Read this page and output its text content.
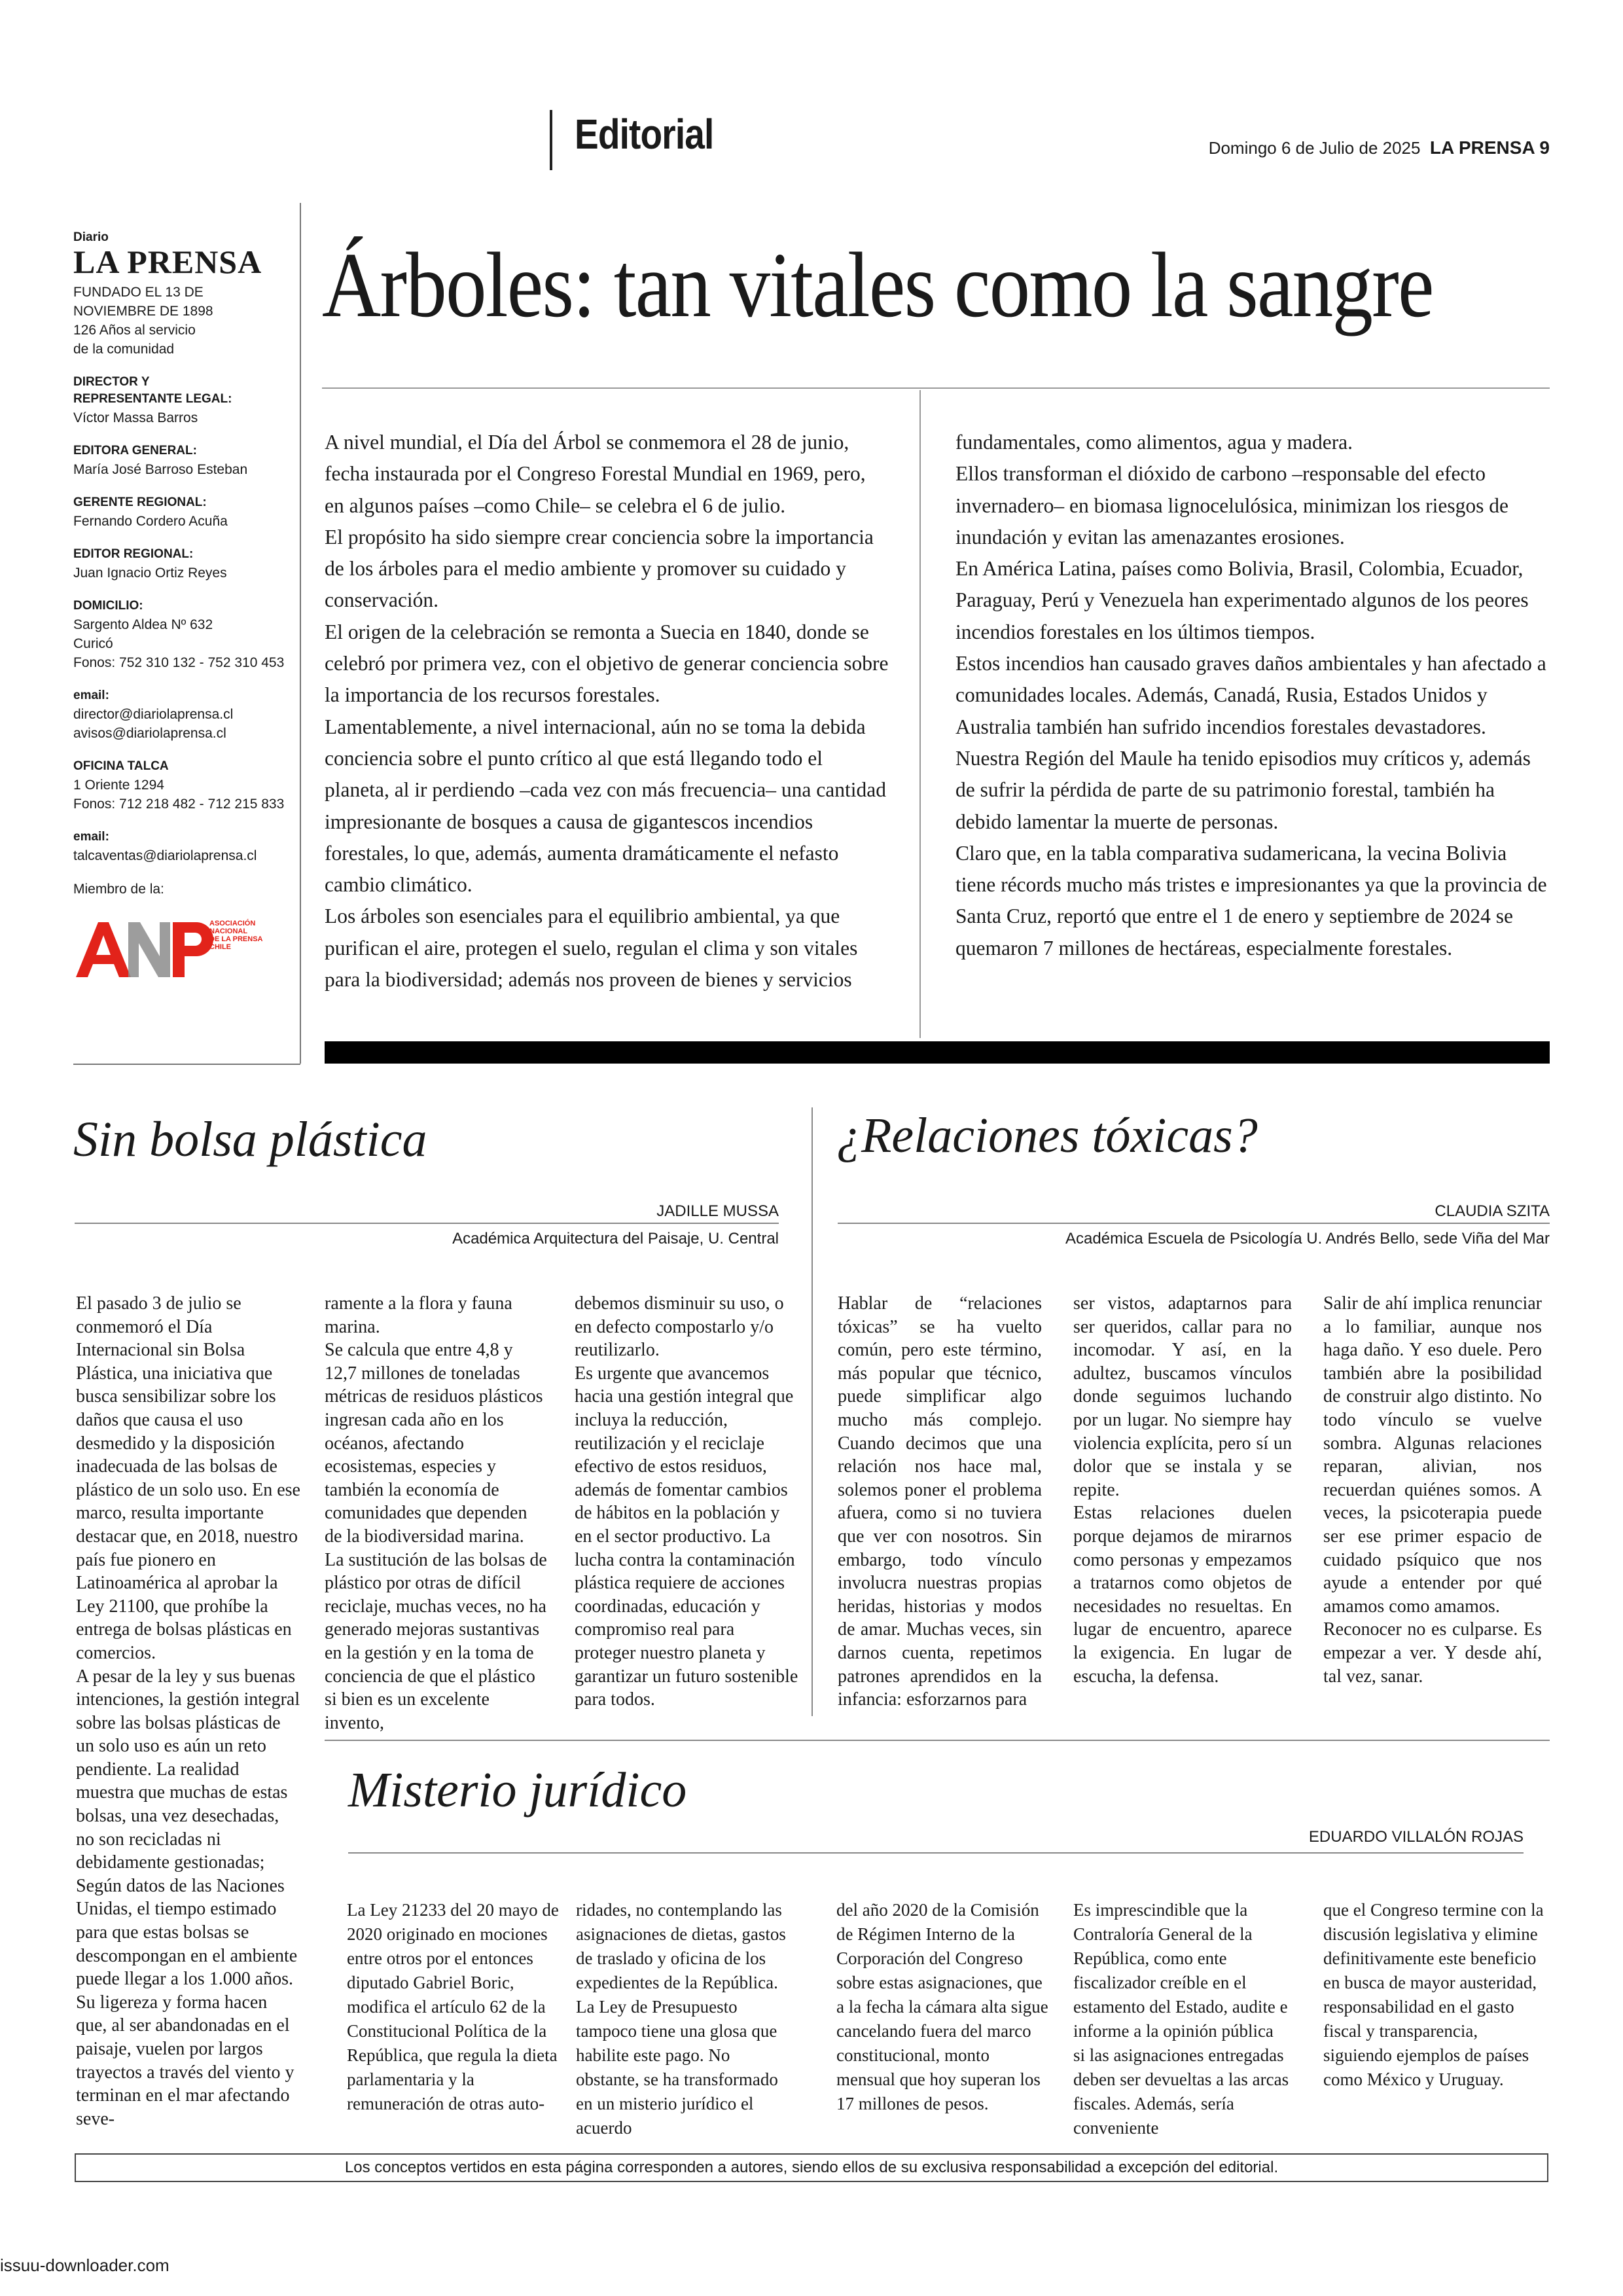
Editorial	Domingo 6 de Julio de 2025 LA PRENSA 9
Diario
LA PRENSA
FUNDADO EL 13 DE
NOVIEMBRE DE 1898
126 Años al servicio
de la comunidad
DIRECTOR Y
REPRESENTANTE LEGAL:
Víctor Massa Barros
EDITORA GENERAL:
María José Barroso Esteban
GERENTE REGIONAL:
Fernando Cordero Acuña
EDITOR REGIONAL:
Juan Ignacio Ortiz Reyes
DOMICILIO:
Sargento Aldea Nº 632
Curicó
Fonos: 752 310 132 - 752 310 453
email:
director@diariolaprensa.cl
avisos@diariolaprensa.cl
OFICINA TALCA
1 Oriente 1294
Fonos: 712 218 482 - 712 215 833
email:
talcaventas@diariolaprensa.cl
Miembro de la:
ASOCIACIÓN
NACIONAL
DE LA PRENSA
CHILE
Árboles: tan vitales como la sangre

A nivel mundial, el Día del Árbol se conmemora el 28 de junio, fecha instaurada por el Congreso Forestal Mundial en 1969, pero, en algunos países –como Chile– se celebra el 6 de julio.

El propósito ha sido siempre crear conciencia sobre la importancia de los árboles para el medio ambiente y promover su cuidado y conservación.

El origen de la celebración se remonta a Suecia en 1840, donde se celebró por primera vez, con el objetivo de generar conciencia sobre la importancia de los recursos forestales.

Lamentablemente, a nivel internacional, aún no se toma la debida conciencia sobre el punto crítico al que está llegando todo el planeta, al ir perdiendo –cada vez con más frecuencia– una cantidad impresionante de bosques a causa de gigantescos incendios forestales, lo que, además, aumenta dramáticamente el nefasto cambio climático.

Los árboles son esenciales para el equilibrio ambiental, ya que purifican el aire, protegen el suelo, regulan el clima y son vitales para la biodiversidad; además nos proveen de bienes y servicios

fundamentales, como alimentos, agua y madera.

Ellos transforman el dióxido de carbono –responsable del efecto invernadero– en biomasa lignocelulósica, minimizan los riesgos de inundación y evitan las amenazantes erosiones.

En América Latina, países como Bolivia, Brasil, Colombia, Ecuador, Paraguay, Perú y Venezuela han experimentado algunos de los peores incendios forestales en los últimos tiempos.

Estos incendios han causado graves daños ambientales y han afectado a comunidades locales. Además, Canadá, Rusia, Estados Unidos y Australia también han sufrido incendios forestales devastadores.

Nuestra Región del Maule ha tenido episodios muy críticos y, además de sufrir la pérdida de parte de su patrimonio forestal, también ha debido lamentar la muerte de personas.

Claro que, en la tabla comparativa sudamericana, la vecina Bolivia tiene récords mucho más tristes e impresionantes ya que la provincia de Santa Cruz, reportó que entre el 1 de enero y septiembre de 2024 se quemaron 7 millones de hectáreas, especialmente forestales.

Sin bolsa plástica
JADILLE MUSSA
Académica Arquitectura del Paisaje, U. Central
El pasado 3 de julio se conmemoró el Día Internacional sin Bolsa Plástica, una iniciativa que busca sensibilizar sobre los daños que causa el uso desmedido y la disposición inadecuada de las bolsas de plástico de un solo uso. En ese marco, resulta importante destacar que, en 2018, nuestro país fue pionero en Latinoamérica al aprobar la Ley 21100, que prohíbe la entrega de bolsas plásticas en comercios.
A pesar de la ley y sus buenas intenciones, la gestión integral sobre las bolsas plásticas de un solo uso es aún un reto pendiente. La realidad muestra que muchas de estas bolsas, una vez desechadas, no son recicladas ni debidamente gestionadas; Según datos de las Naciones Unidas, el tiempo estimado para que estas bolsas se descompongan en el ambiente puede llegar a los 1.000 años. Su ligereza y forma hacen que, al ser abandonadas en el paisaje, vuelen por largos trayectos a través del viento y terminan en el mar afectando seve-
ramente a la flora y fauna marina.
Se calcula que entre 4,8 y 12,7 millones de toneladas métricas de residuos plásticos ingresan cada año en los océanos, afectando ecosistemas, especies y también la economía de comunidades que dependen de la biodiversidad marina. La sustitución de las bolsas de plástico por otras de difícil reciclaje, muchas veces, no ha generado mejoras sustantivas en la gestión y en la toma de conciencia de que el plástico si bien es un excelente invento,
debemos disminuir su uso, o en defecto compostarlo y/o reutilizarlo.
Es urgente que avancemos hacia una gestión integral que incluya la reducción, reutilización y el reciclaje efectivo de estos residuos, además de fomentar cambios de hábitos en la población y en el sector productivo. La lucha contra la contaminación plástica requiere de acciones coordinadas, educación y compromiso real para proteger nuestro planeta y garantizar un futuro sostenible para todos.
¿Relaciones tóxicas?
CLAUDIA SZITA
Académica Escuela de Psicología U. Andrés Bello, sede Viña del Mar
Hablar de “relaciones tóxicas” se ha vuelto común, pero este término, más popular que técnico, puede simplificar algo mucho más complejo. Cuando decimos que una relación nos hace mal, solemos poner el problema afuera, como si no tuviera que ver con nosotros. Sin embargo, todo vínculo involucra nuestras propias heridas, historias y modos de amar. Muchas veces, sin darnos cuenta, repetimos patrones aprendidos en la infancia: esforzarnos para
ser vistos, adaptarnos para ser queridos, callar para no incomodar. Y así, en la adultez, buscamos vínculos donde seguimos luchando por un lugar. No siempre hay violencia explícita, pero sí un dolor que se instala y se repite.
Estas relaciones duelen porque dejamos de mirarnos como personas y empezamos a tratarnos como objetos de necesidades no resueltas. En lugar de encuentro, aparece la exigencia. En lugar de escucha, la defensa.
Salir de ahí implica renunciar a lo familiar, aunque nos haga daño. Y eso duele. Pero también abre la posibilidad de construir algo distinto. No todo vínculo se vuelve sombra. Algunas relaciones reparan, alivian, nos recuerdan quiénes somos. A veces, la psicoterapia puede ser ese primer espacio de cuidado psíquico que nos ayude a entender por qué amamos como amamos.
Reconocer no es culparse. Es empezar a ver. Y desde ahí, tal vez, sanar.
Misterio jurídico
EDUARDO VILLALÓN ROJAS
La Ley 21233 del 20 mayo de 2020 originado en mociones entre otros por el entonces diputado Gabriel Boric, modifica el artículo 62 de la Constitucional Política de la República, que regula la dieta parlamentaria y la remuneración de otras auto-
ridades, no contemplando las asignaciones de dietas, gastos de traslado y oficina de los expedientes de la República. La Ley de Presupuesto tampoco tiene una glosa que habilite este pago. No obstante, se ha transformado en un misterio jurídico el acuerdo
del año 2020 de la Comisión de Régimen Interno de la Corporación del Congreso sobre estas asignaciones, que a la fecha la cámara alta sigue cancelando fuera del marco constitucional, monto mensual que hoy superan los 17 millones de pesos.
Es imprescindible que la Contraloría General de la República, como ente fiscalizador creíble en el estamento del Estado, audite e informe a la opinión pública si las asignaciones entregadas deben ser devueltas a las arcas fiscales. Además, sería conveniente
que el Congreso termine con la discusión legislativa y elimine definitivamente este beneficio en busca de mayor austeridad, responsabilidad en el gasto fiscal y transparencia, siguiendo ejemplos de países como México y Uruguay.
Los conceptos vertidos en esta página corresponden a autores, siendo ellos de su exclusiva responsabilidad a excepción del editorial.
issuu-downloader.com
